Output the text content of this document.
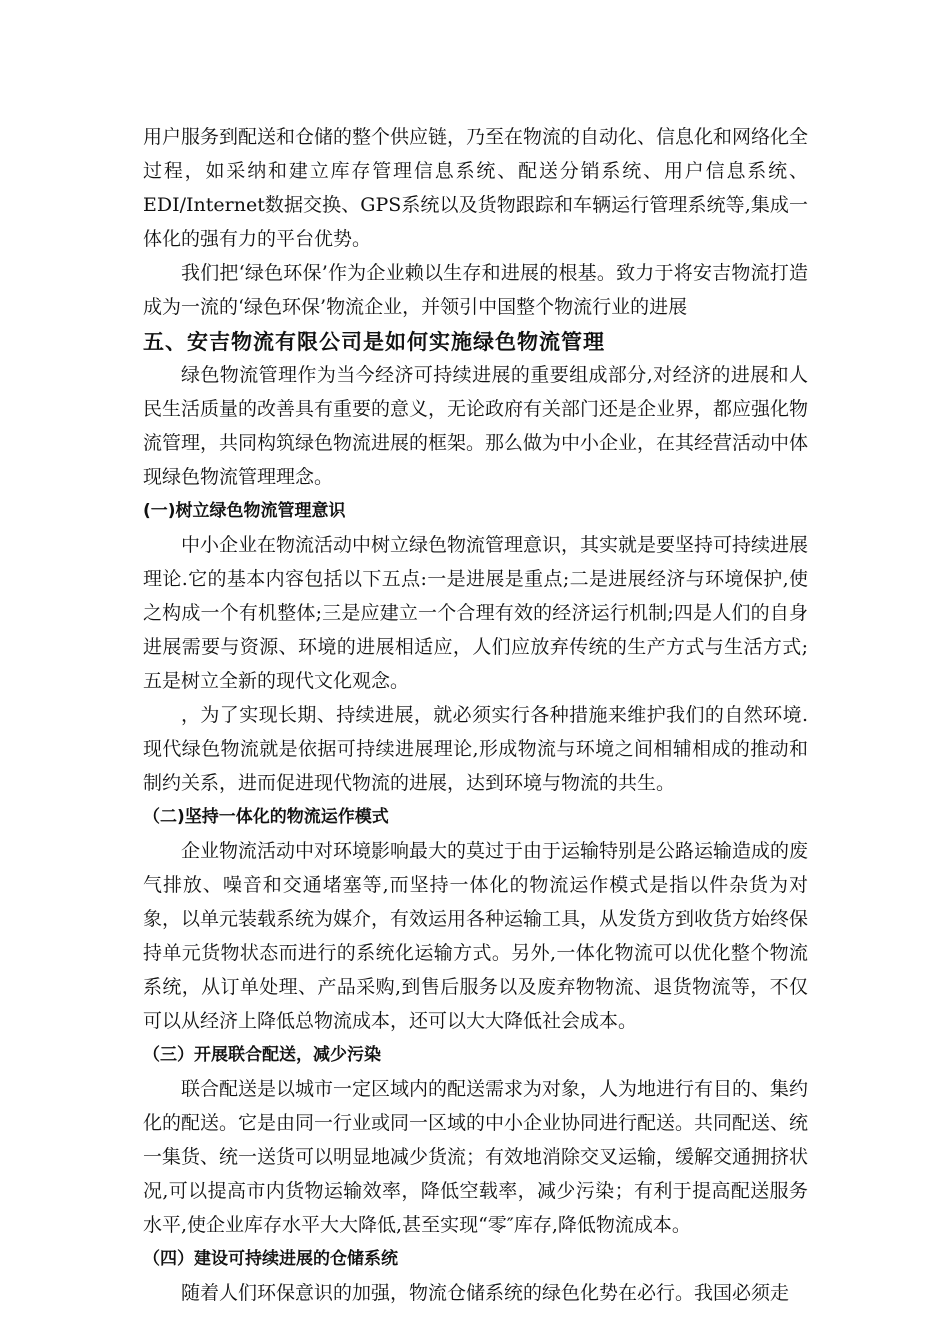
用户服务到配送和仓储的整个供应链，乃至在物流的自动化、信息化和网络化全过程，如采纳和建立库存管理信息系统、配送分销系统、用户信息系统、EDI/Internet数据交换、GPS系统以及货物跟踪和车辆运行管理系统等,集成一体化的强有力的平台优势。

我们把‘绿色环保’作为企业赖以生存和进展的根基。致力于将安吉物流打造成为一流的‘绿色环保’物流企业，并领引中国整个物流行业的进展

五、安吉物流有限公司是如何实施绿色物流管理

绿色物流管理作为当今经济可持续进展的重要组成部分,对经济的进展和人民生活质量的改善具有重要的意义，无论政府有关部门还是企业界，都应强化物流管理，共同构筑绿色物流进展的框架。那么做为中小企业，在其经营活动中体现绿色物流管理理念。

(一)树立绿色物流管理意识

中小企业在物流活动中树立绿色物流管理意识，其实就是要坚持可持续进展理论.它的基本内容包括以下五点:一是进展是重点;二是进展经济与环境保护,使之构成一个有机整体;三是应建立一个合理有效的经济运行机制;四是人们的自身进展需要与资源、环境的进展相适应，人们应放弃传统的生产方式与生活方式;五是树立全新的现代文化观念。

，为了实现长期、持续进展，就必须实行各种措施来维护我们的自然环境.现代绿色物流就是依据可持续进展理论,形成物流与环境之间相辅相成的推动和制约关系，进而促进现代物流的进展，达到环境与物流的共生。

（二)坚持一体化的物流运作模式

企业物流活动中对环境影响最大的莫过于由于运输特别是公路运输造成的废气排放、噪音和交通堵塞等,而坚持一体化的物流运作模式是指以件杂货为对象，以单元装载系统为媒介，有效运用各种运输工具，从发货方到收货方始终保持单元货物状态而进行的系统化运输方式。另外,一体化物流可以优化整个物流系统，从订单处理、产品采购,到售后服务以及废弃物物流、退货物流等，不仅可以从经济上降低总物流成本，还可以大大降低社会成本。

（三）开展联合配送，减少污染

联合配送是以城市一定区域内的配送需求为对象，人为地进行有目的、集约化的配送。它是由同一行业或同一区域的中小企业协同进行配送。共同配送、统一集货、统一送货可以明显地减少货流；有效地消除交叉运输，缓解交通拥挤状况,可以提高市内货物运输效率，降低空载率，减少污染；有利于提高配送服务水平,使企业库存水平大大降低,甚至实现“零″库存,降低物流成本。

（四）建设可持续进展的仓储系统

随着人们环保意识的加强，物流仓储系统的绿色化势在必行。我国必须走
